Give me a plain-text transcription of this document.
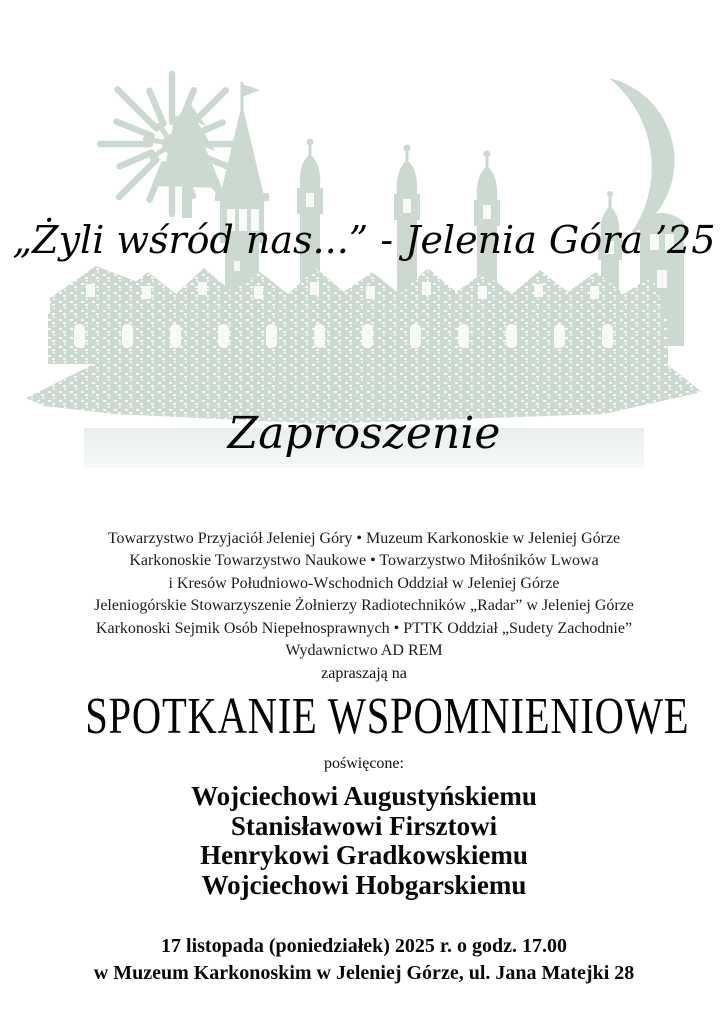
„Żyli wśród nas...” - Jelenia Góra ’25
Zaproszenie
Towarzystwo Przyjaciół Jeleniej Góry • Muzeum Karkonoskie w Jeleniej Górze
Karkonoskie Towarzystwo Naukowe • Towarzystwo Miłośników Lwowa
i Kresów Południowo-Wschodnich Oddział w Jeleniej Górze
Jeleniogórskie Stowarzyszenie Żołnierzy Radiotechników „Radar” w Jeleniej Górze
Karkonoski Sejmik Osób Niepełnosprawnych • PTTK Oddział „Sudety Zachodnie”
Wydawnictwo AD REM
zapraszają na
SPOTKANIE WSPOMNIENIOWE
poświęcone:
Wojciechowi Augustyńskiemu
Stanisławowi Firsztowi
Henrykowi Gradkowskiemu
Wojciechowi Hobgarskiemu
17 listopada (poniedziałek) 2025 r. o godz. 17.00
w Muzeum Karkonoskim w Jeleniej Górze, ul. Jana Matejki 28
